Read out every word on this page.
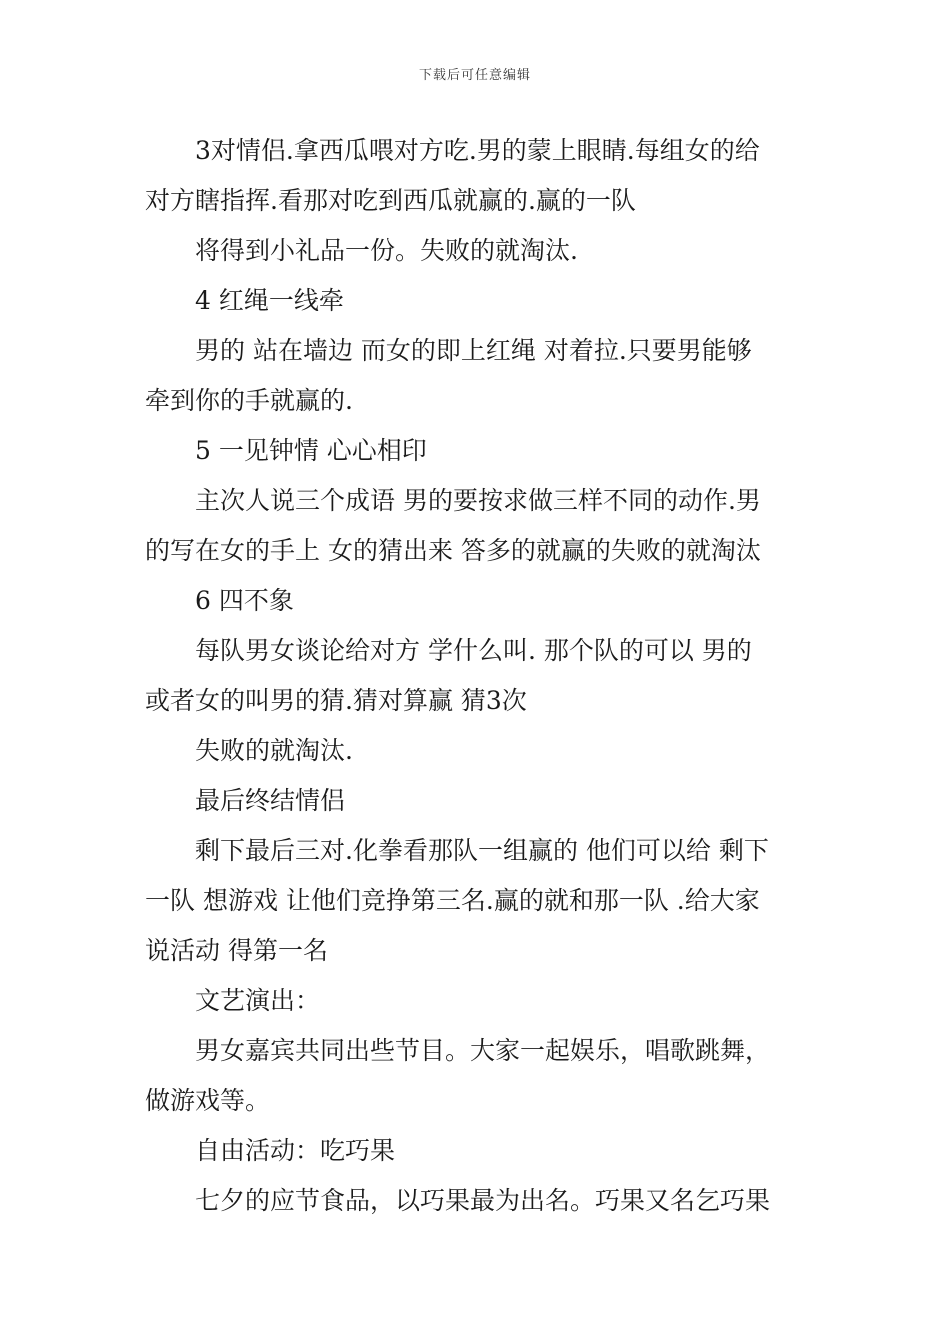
下载后可任意编辑

3对情侣.拿西瓜喂对方吃.男的蒙上眼睛.每组女的给
对方瞎指挥.看那对吃到西瓜就赢的.赢的一队

将得到小礼品一份。失败的就淘汰.

4 红绳一线牵

男的 站在墙边 而女的即上红绳 对着拉.只要男能够
牵到你的手就赢的.

5 一见钟情 心心相印

主次人说三个成语 男的要按求做三样不同的动作.男
的写在女的手上 女的猜出来 答多的就赢的失败的就淘汰

6 四不象

每队男女谈论给对方 学什么叫. 那个队的可以 男的
或者女的叫男的猜.猜对算赢 猜3次

失败的就淘汰.

最后终结情侣

剩下最后三对.化拳看那队一组赢的 他们可以给 剩下
一队 想游戏 让他们竞挣第三名.赢的就和那一队 .给大家
说活动 得第一名

文艺演出：

男女嘉宾共同出些节目。大家一起娱乐，唱歌跳舞，
做游戏等。

自由活动：吃巧果

七夕的应节食品，以巧果最为出名。巧果又名乞巧果
